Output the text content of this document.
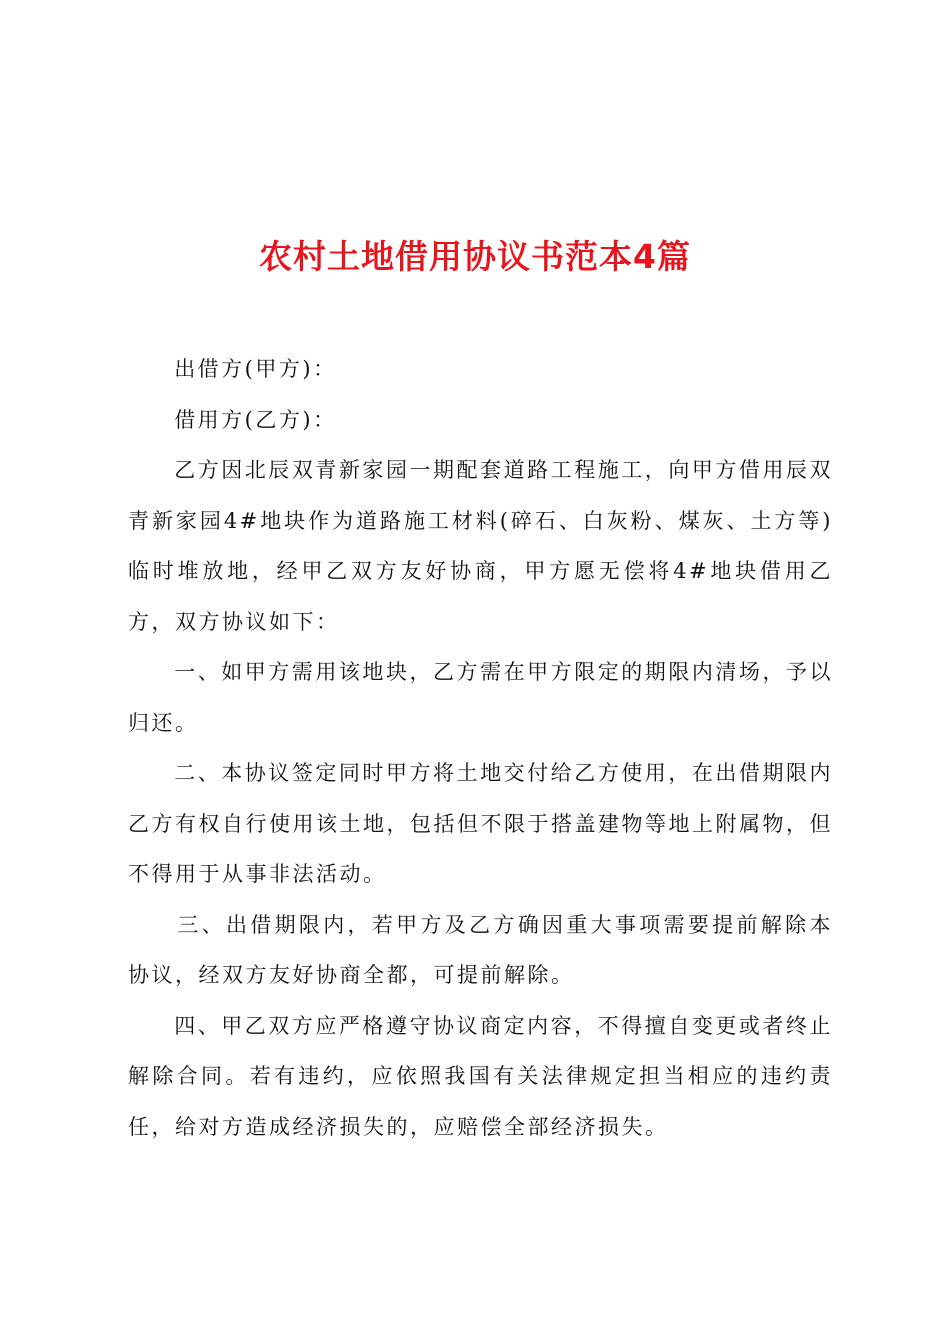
农村土地借用协议书范本4篇

出借方(甲方)：

借用方(乙方)：

乙方因北辰双青新家园一期配套道路工程施工，向甲方借用辰双青新家园4#地块作为道路施工材料(碎石、白灰粉、煤灰、土方等)临时堆放地，经甲乙双方友好协商，甲方愿无偿将4#地块借用乙方，双方协议如下：

一、如甲方需用该地块，乙方需在甲方限定的期限内清场，予以归还。

二、本协议签定同时甲方将土地交付给乙方使用，在出借期限内乙方有权自行使用该土地，包括但不限于搭盖建物等地上附属物，但不得用于从事非法活动。

三、出借期限内，若甲方及乙方确因重大事项需要提前解除本协议，经双方友好协商全都，可提前解除。

四、甲乙双方应严格遵守协议商定内容，不得擅自变更或者终止解除合同。若有违约，应依照我国有关法律规定担当相应的违约责任，给对方造成经济损失的，应赔偿全部经济损失。
